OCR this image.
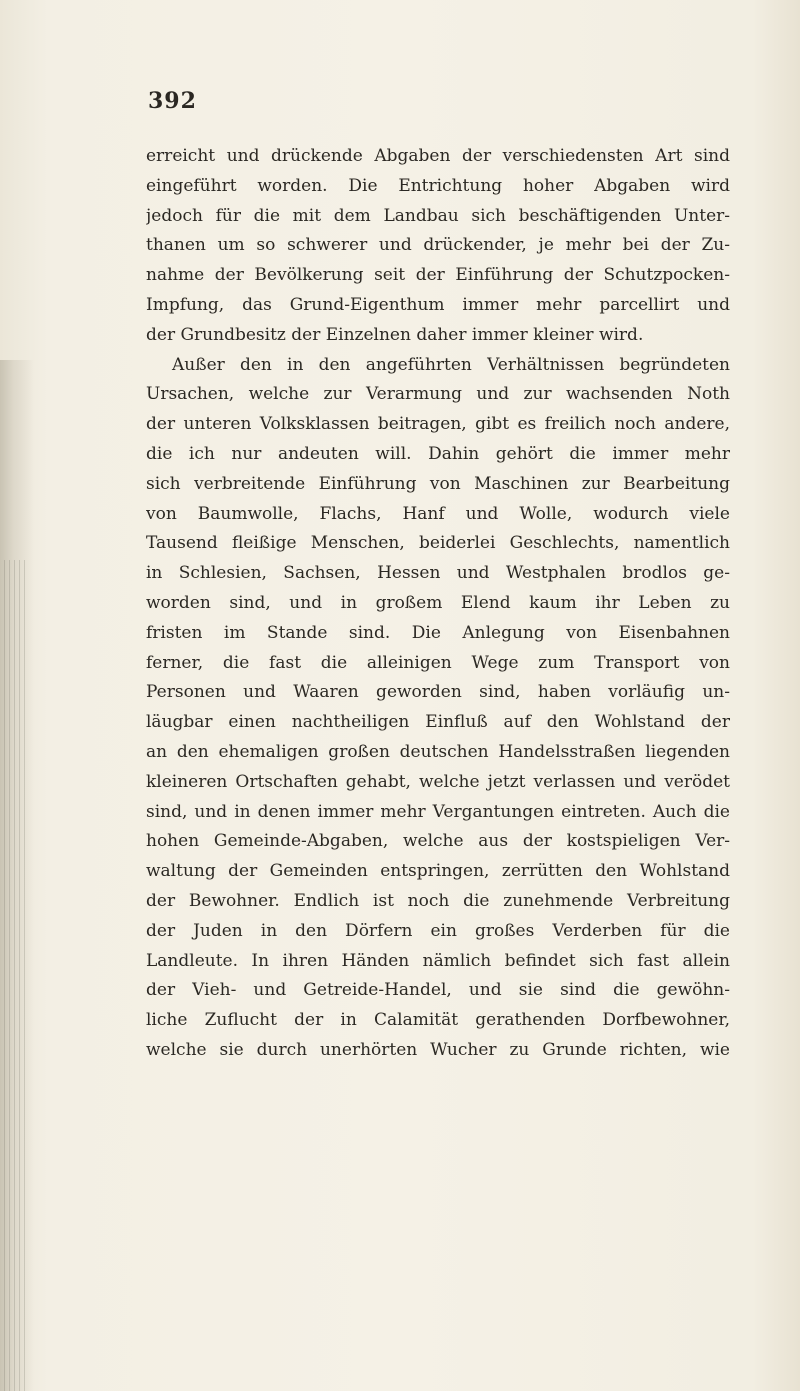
392
erreicht und drückende Abgaben der verschiedensten Art sind
eingeführt worden. Die Entrichtung hoher Abgaben wird
jedoch für die mit dem Landbau sich beschäftigenden Unter-
thanen um so schwerer und drückender, je mehr bei der Zu-
nahme der Bevölkerung seit der Einführung der Schutzpocken-
Impfung, das Grund-Eigenthum immer mehr parcellirt und
der Grundbesitz der Einzelnen daher immer kleiner wird.
Außer den in den angeführten Verhältnissen begründeten
Ursachen, welche zur Verarmung und zur wachsenden Noth
der unteren Volksklassen beitragen, gibt es freilich noch andere,
die ich nur andeuten will. Dahin gehört die immer mehr
sich verbreitende Einführung von Maschinen zur Bearbeitung
von Baumwolle, Flachs, Hanf und Wolle, wodurch viele
Tausend fleißige Menschen, beiderlei Geschlechts, namentlich
in Schlesien, Sachsen, Hessen und Westphalen brodlos ge-
worden sind, und in großem Elend kaum ihr Leben zu
fristen im Stande sind. Die Anlegung von Eisenbahnen
ferner, die fast die alleinigen Wege zum Transport von
Personen und Waaren geworden sind, haben vorläufig un-
läugbar einen nachtheiligen Einfluß auf den Wohlstand der
an den ehemaligen großen deutschen Handelsstraßen liegenden
kleineren Ortschaften gehabt, welche jetzt verlassen und verödet
sind, und in denen immer mehr Vergantungen eintreten. Auch die
hohen Gemeinde-Abgaben, welche aus der kostspieligen Ver-
waltung der Gemeinden entspringen, zerrütten den Wohlstand
der Bewohner. Endlich ist noch die zunehmende Verbreitung
der Juden in den Dörfern ein großes Verderben für die
Landleute. In ihren Händen nämlich befindet sich fast allein
der Vieh- und Getreide-Handel, und sie sind die gewöhn-
liche Zuflucht der in Calamität gerathenden Dorfbewohner,
welche sie durch unerhörten Wucher zu Grunde richten, wie
